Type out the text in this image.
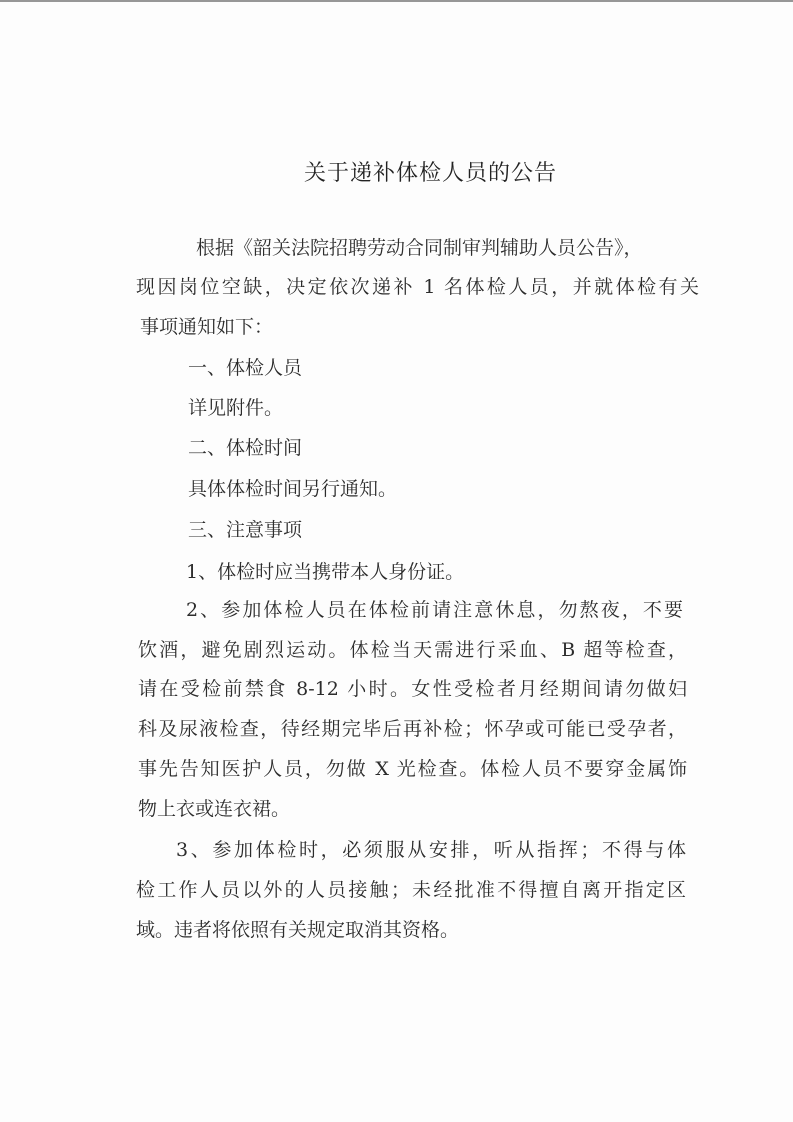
关于递补体检人员的公告
根据《韶关法院招聘劳动合同制审判辅助人员公告》，
现因岗位空缺，决定依次递补 1 名体检人员，并就体检有关
事项通知如下：
一、体检人员
详见附件。
二、体检时间
具体体检时间另行通知。
三、注意事项
1、体检时应当携带本人身份证。
2、参加体检人员在体检前请注意休息，勿熬夜，不要
饮酒，避免剧烈运动。体检当天需进行采血、B 超等检查，
请在受检前禁食 8-12 小时。女性受检者月经期间请勿做妇
科及尿液检查，待经期完毕后再补检；怀孕或可能已受孕者，
事先告知医护人员，勿做 X 光检查。体检人员不要穿金属饰
物上衣或连衣裙。
3、参加体检时，必须服从安排，听从指挥；不得与体
检工作人员以外的人员接触；未经批准不得擅自离开指定区
域。违者将依照有关规定取消其资格。
